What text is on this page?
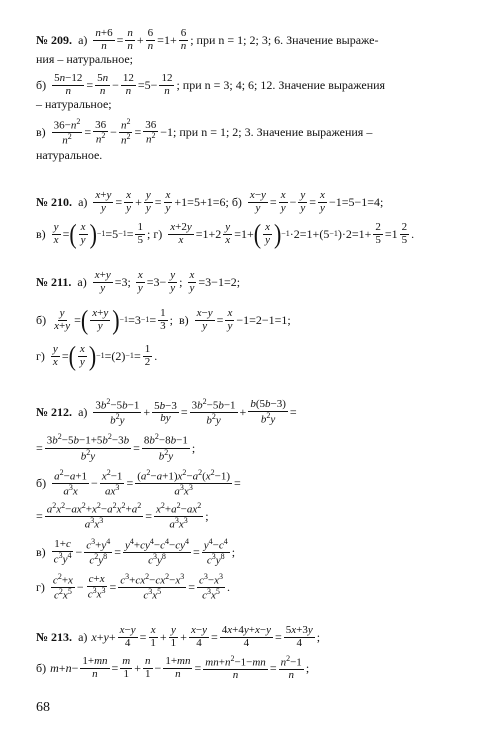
№ 209. $а) \frac{n+6}{n} = \frac{n}{n} + \frac{6}{n} =1+ \frac{6}{n}$ ; при n = 1; 2; 3; 6. Значение выраже-
ния – натуральное;
$б) \frac{5n-12}{n} = \frac{5n}{n} - \frac{12}{n} =5- \frac{12}{n}$ ; при n = 3; 4; 6; 12. Значение выражения
– натуральное;
$в) \frac{36-n^2}{n^2} = \frac{36}{n^2} - \frac{n^2}{n^2} = \frac{36}{n^2} -1$ ; при n = 1; 2; 3. Значение выражения –
натуральное.
№ 210. $а) \frac{x+y}{y} = \frac{x}{y} + \frac{y}{y} = \frac{x}{y} +1=5+1=6$; $б) \frac{x-y}{y} = \frac{x}{y} - \frac{y}{y} = \frac{x}{y} -1=5-1=4$;
$в) \frac{y}{x}$ = ( $\frac{x}{y}$ ) $-1 =5 -1 = \frac{1}{5}$ ; $г) \frac{x+2y}{x} =1+2 \frac{y}{x} =1+$ ( $\frac{x}{y}$ ) −1 ·2=1+(5 −1 )$\cdot 2=1+ \frac{2}{5} =1 \frac{2}{5}$ .
№ 211. $а) \frac{x+y}{y} =3$; $\frac{x}{y} =3- \frac{y}{y}$ ; $\frac{x}{y} =3-1=2$;
$б) \frac{y}{x+y}$ = ( $\frac{x+y}{y}$ ) $-1 =3 -1 = \frac{1}{3}$ ; $в) \frac{x-y}{y} = \frac{x}{y} -1=2-1=1$;
$г) \frac{y}{x}$ = ( $\frac{x}{y}$ ) $-1 =(2) -1 = \frac{1}{2}$ .
№ 212. $а) \frac{3b^2-5b-1}{b^2y} + \frac{5b-3}{by} = \frac{3b^2-5b-1}{b^2y} + \frac{b(5b-3)}{b^2y}$ =
= $\frac{3b^2-5b-1+5b^2-3b}{b^2y} = \frac{8b^2-8b-1}{b^2y}$ ;
$б) \frac{a^2-a+1}{a^3x} - \frac{x^2-1}{ax^3} = \frac{(a^2-a+1)x^2-a^2(x^2-1)}{a^3x^3}$ =
= $\frac{a^2x^2-ax^2+x^2-a^2x^2+a^2}{a^3x^3} = \frac{x^2+a^2-ax^2}{a^3x^3}$ ;
$в) \frac{1+c}{c^3y^4} - \frac{c^3+y^4}{c^2y^8} = \frac{y^4+cy^4-c^4-cy^4}{c^3y^8} = \frac{y^4-c^4}{c^3y^8}$ ;
$г) \frac{c^2+x}{c^2x^5} - \frac{c+x}{c^3x^3} = \frac{c^3+cx^2-cx^2-x^3}{c^3x^5} = \frac{c^3-x^3}{c^3x^5}$ .
№ 213. а) $x + y + \frac{x-y}{4} = \frac{x}{1} + \frac{y}{1} + \frac{x-y}{4} = \frac{4x+4y+x-y}{4} = \frac{5x+3y}{4}$ ;
б) $m + n - \frac{1+mn}{n} = \frac{m}{1} + \frac{n}{1} - \frac{1+mn}{n} = \frac{mn+n^2-1-mn}{n} = \frac{n^2-1}{n}$ ;
68
